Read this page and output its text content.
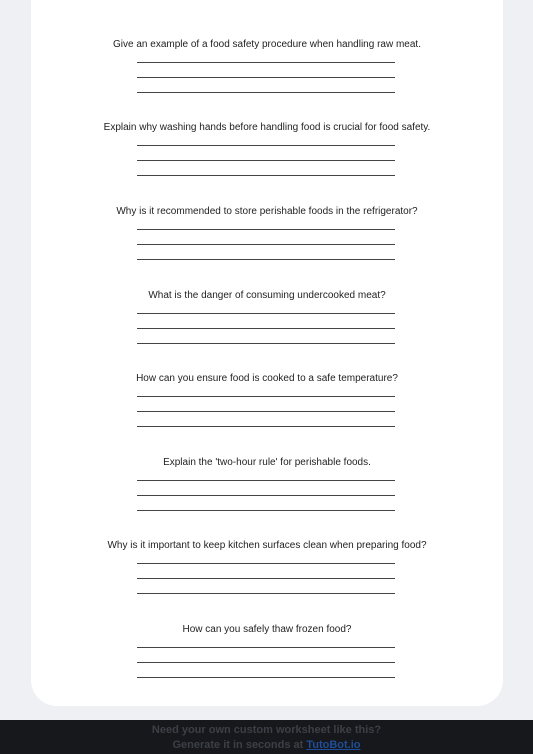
Give an example of a food safety procedure when handling raw meat.
Explain why washing hands before handling food is crucial for food safety.
Why is it recommended to store perishable foods in the refrigerator?
What is the danger of consuming undercooked meat?
How can you ensure food is cooked to a safe temperature?
Explain the 'two-hour rule' for perishable foods.
Why is it important to keep kitchen surfaces clean when preparing food?
How can you safely thaw frozen food?
Need your own custom worksheet like this?
Generate it in seconds at TutoBot.io
